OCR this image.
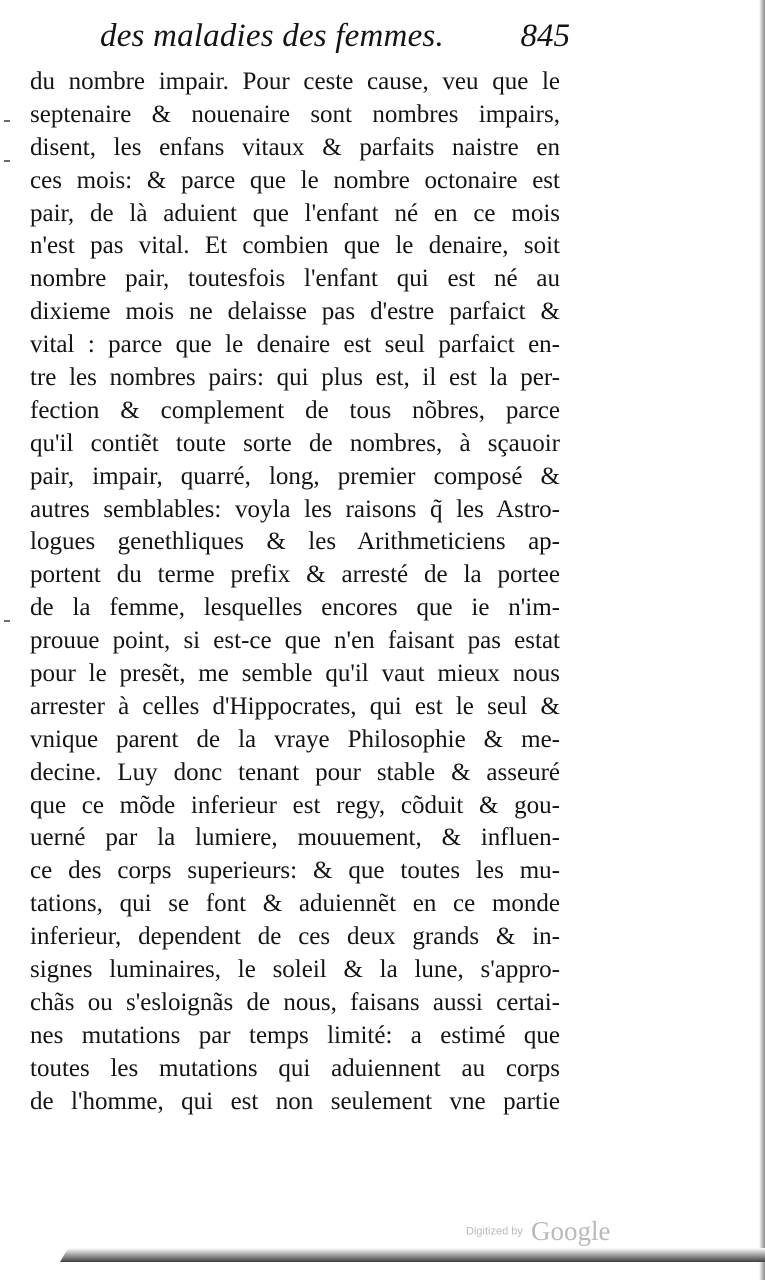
des maladies des femmes. 845
du nombre impair. Pour ceste cause, veu que le
septenaire & nouenaire sont nombres impairs,
disent, les enfans vitaux & parfaits naistre en
ces mois: & parce que le nombre octonaire est
pair, de là aduient que l'enfant né en ce mois
n'est pas vital. Et combien que le denaire, soit
nombre pair, toutesfois l'enfant qui est né au
dixieme mois ne delaisse pas d'estre parfaict &
vital : parce que le denaire est seul parfaict en-
tre les nombres pairs: qui plus est, il est la per-
fection & complement de tous nõbres, parce
qu'il contiẽt toute sorte de nombres, à sçauoir
pair, impair, quarré, long, premier composé &
autres semblables: voyla les raisons q̃ les Astro-
logues genethliques & les Arithmeticiens ap-
portent du terme prefix & arresté de la portee
de la femme, lesquelles encores que ie n'im-
prouue point, si est-ce que n'en faisant pas estat
pour le presẽt, me semble qu'il vaut mieux nous
arrester à celles d'Hippocrates, qui est le seul &
vnique parent de la vraye Philosophie & me-
decine. Luy donc tenant pour stable & asseuré
que ce mõde inferieur est regy, cõduit & gou-
uerné par la lumiere, mouuement, & influen-
ce des corps superieurs: & que toutes les mu-
tations, qui se font & aduiennẽt en ce monde
inferieur, dependent de ces deux grands & in-
signes luminaires, le soleil & la lune, s'appro-
chãs ou s'esloignãs de nous, faisans aussi certai-
nes mutations par temps limité: a estimé que
toutes les mutations qui aduiennent au corps
de l'homme, qui est non seulement vne partie
Digitized by Google
